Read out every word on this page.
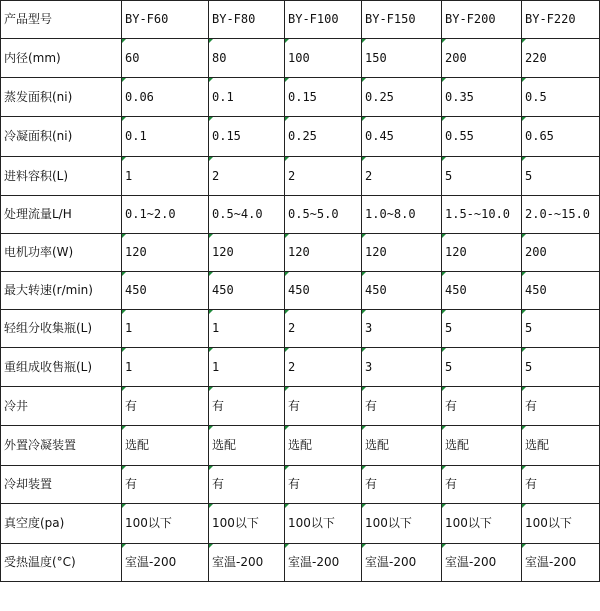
产品型号	BY-F60	BY-F80	BY-F100	BY-F150	BY-F200	BY-F220
内径(mm)	60	80	100	150	200	220
蒸发面积(ni)	0.06	0.1	0.15	0.25	0.35	0.5
冷凝面积(ni)	0.1	0.15	0.25	0.45	0.55	0.65
进料容积(L)	1	2	2	2	5	5
处理流量L/H	0.1~2.0	0.5~4.0	0.5~5.0	1.0~8.0	1.5-~10.0	2.0-~15.0
电机功率(W)	120	120	120	120	120	200
最大转速(r/min)	450	450	450	450	450	450
轻组分收集瓶(L)	1	1	2	3	5	5
重组成收售瓶(L)	1	1	2	3	5	5
冷井	有	有	有	有	有	有
外置冷凝装置	选配	选配	选配	选配	选配	选配
冷却装置	有	有	有	有	有	有
真空度(pa)	100以下	100以下	100以下	100以下	100以下	100以下
受热温度(°C)	室温-200	室温-200	室温-200	室温-200	室温-200	室温-200
